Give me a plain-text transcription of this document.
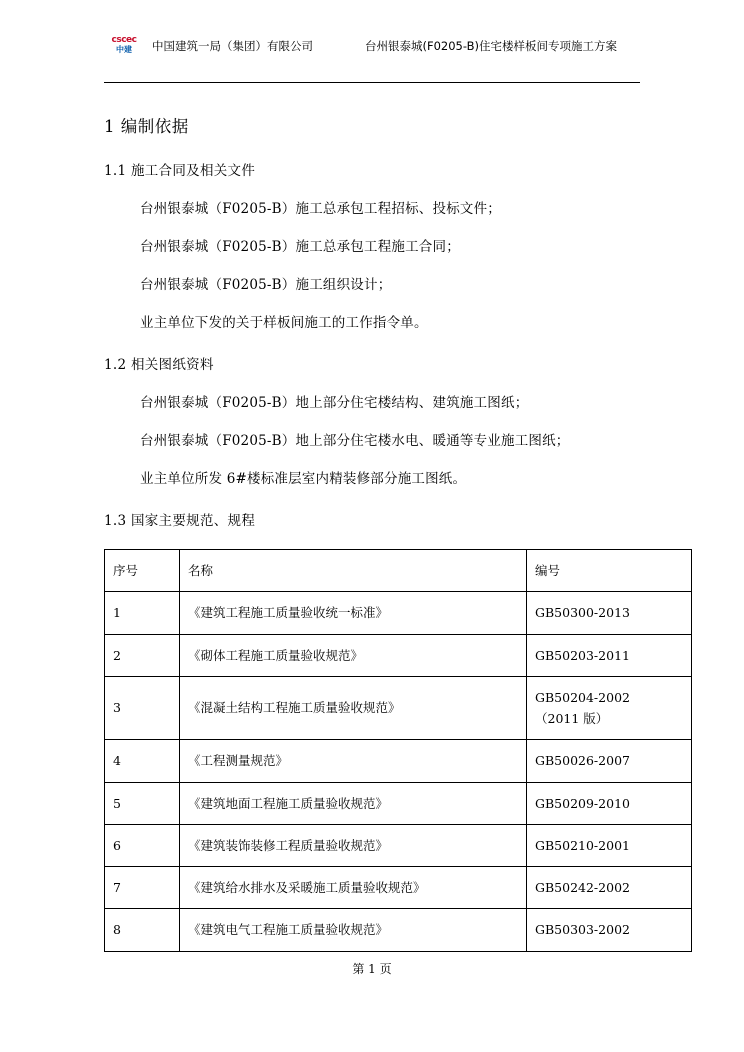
cscec
中建 中国建筑一局（集团）有限公司	台州银泰城(F0205-B)住宅楼样板间专项施工方案
1 编制依据
1.1 施工合同及相关文件
台州银泰城（F0205-B）施工总承包工程招标、投标文件；
台州银泰城（F0205-B）施工总承包工程施工合同；
台州银泰城（F0205-B）施工组织设计；
业主单位下发的关于样板间施工的工作指令单。
1.2 相关图纸资料
台州银泰城（F0205-B）地上部分住宅楼结构、建筑施工图纸；
台州银泰城（F0205-B）地上部分住宅楼水电、暖通等专业施工图纸；
业主单位所发 6#楼标准层室内精装修部分施工图纸。
1.3 国家主要规范、规程
序号	名称	编号
1	《建筑工程施工质量验收统一标准》	GB50300-2013
2	《砌体工程施工质量验收规范》	GB50203-2011
3	《混凝土结构工程施工质量验收规范》	GB50204-2002
（2011 版）

4	《工程测量规范》	GB50026-2007
5	《建筑地面工程施工质量验收规范》	GB50209-2010
6	《建筑装饰装修工程质量验收规范》	GB50210-2001
7	《建筑给水排水及采暖施工质量验收规范》	GB50242-2002
8	《建筑电气工程施工质量验收规范》	GB50303-2002
第 1 页
